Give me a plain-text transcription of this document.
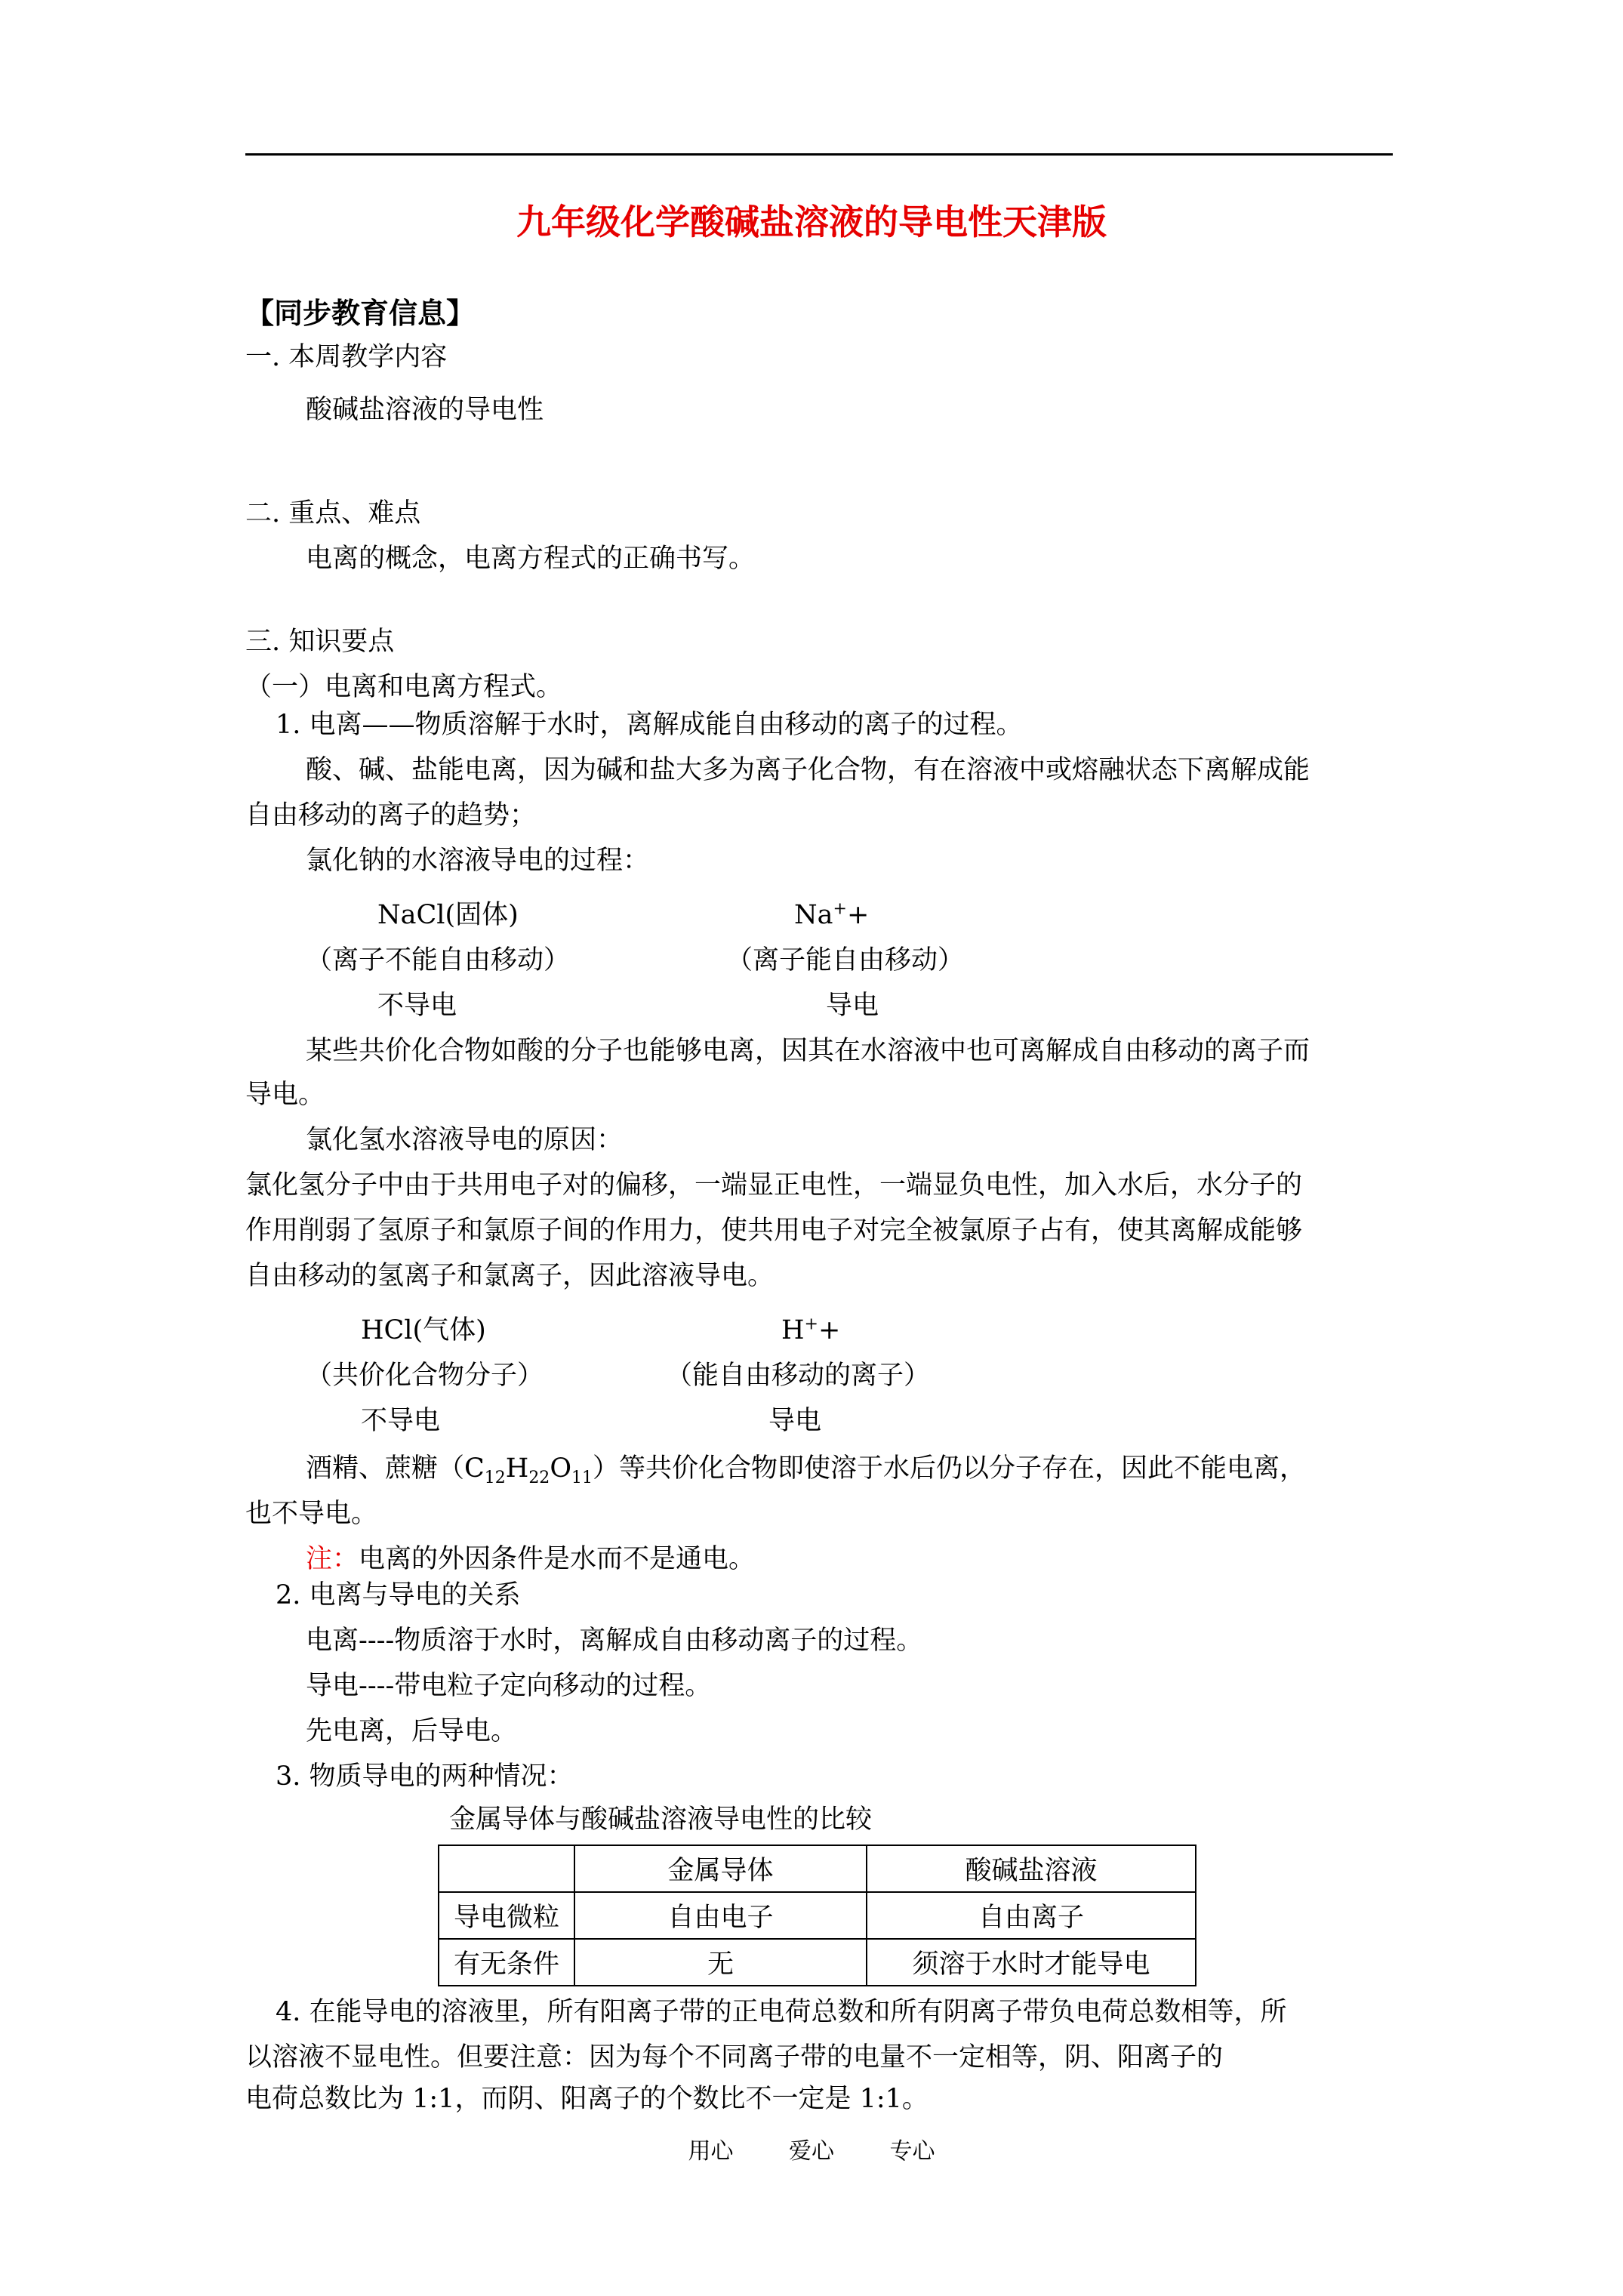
九年级化学酸碱盐溶液的导电性天津版
【同步教育信息】
一. 本周教学内容
酸碱盐溶液的导电性
二. 重点、难点
电离的概念，电离方程式的正确书写。
三. 知识要点
（一）电离和电离方程式。
1. 电离——物质溶解于水时，离解成能自由移动的离子的过程。
酸、碱、盐能电离，因为碱和盐大多为离子化合物，有在溶液中或熔融状态下离解成能
自由移动的离子的趋势；
氯化钠的水溶液导电的过程：
NaCl(固体)	Na++
（离子不能自由移动）	（离子能自由移动）
不导电	导电
某些共价化合物如酸的分子也能够电离，因其在水溶液中也可离解成自由移动的离子而
导电。
氯化氢水溶液导电的原因：
氯化氢分子中由于共用电子对的偏移，一端显正电性，一端显负电性，加入水后，水分子的
作用削弱了氢原子和氯原子间的作用力，使共用电子对完全被氯原子占有，使其离解成能够
自由移动的氢离子和氯离子，因此溶液导电。
HCl(气体)	H++
（共价化合物分子）	（能自由移动的离子）
不导电	导电
酒精、蔗糖$(C_{12}H_{22}O_{11})$等共价化合物即使溶于水后仍以分子存在，因此不能电离，
也不导电。
注：电离的外因条件是水而不是通电。
2. 电离与导电的关系
电离----物质溶于水时，离解成自由移动离子的过程。
导电----带电粒子定向移动的过程。
先电离，后导电。
3. 物质导电的两种情况：
金属导体与酸碱盐溶液导电性的比较
	金属导体	酸碱盐溶液
导电微粒	自由电子	自由离子
有无条件	无	须溶于水时才能导电
4. 在能导电的溶液里，所有阳离子带的正电荷总数和所有阴离子带负电荷总数相等，所
以溶液不显电性。但要注意：因为每个不同离子带的电量不一定相等，阴、阳离子的
电荷总数比为 1:1，而阴、阳离子的个数比不一定是 1:1。
用心 爱心 专心
